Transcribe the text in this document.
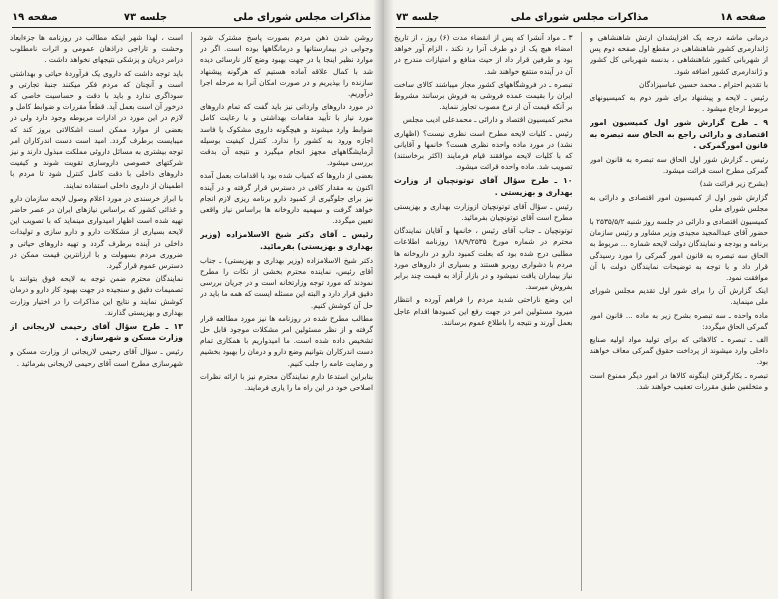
مذاکرات مجلس شورای ملی
جلسه ۷۳
صفحه ۱۹

روشن شدن ذهن مردم بصورت پاسخ مشترک شود وجوابی در بیمارستانها و درمانگاهها بوده است. اگر در موارد نظیر اینجا یا در جهت بهبود وضع کار نارسائی دیده شد با کمال علاقه آماده هستیم که هرگونه پیشنهاد سازنده را بپذیریم و در صورت امکان آنرا به مرحله اجرا درآوریم.

در مورد داروهای وارداتی نیز باید گفت که تمام داروهای مورد نیاز با تأیید مقامات بهداشتی و با رعایت کامل ضوابط وارد میشوند و هیچگونه داروی مشکوک یا فاسد اجازه ورود به کشور را ندارد. کنترل کیفیت بوسیله آزمایشگاههای مجهز انجام میگیرد و نتیجه آن بدقت بررسی میشود.

بعضی از داروها که کمیاب شده بود با اقدامات بعمل آمده اکنون به مقدار کافی در دسترس قرار گرفته و در آینده نیز برای جلوگیری از کمبود دارو برنامه ریزی لازم انجام خواهد گرفت و سهمیه داروخانه ها براساس نیاز واقعی تعیین میگردد.

رئیس ـ آقای دکتر شیخ الاسلامزاده (وزیر بهداری و بهزیستی) بفرمائید.

دکتر شیخ الاسلامزاده (وزیر بهداری و بهزیستی) ـ جناب آقای رئیس، نماینده محترم بخشی از نکات را مطرح نمودند که مورد توجه وزارتخانه است و در جریان بررسی دقیق قرار دارد و البته این مسئله ایست که همه ما باید در حل آن کوشش کنیم.

مطالب مطرح شده در روزنامه ها نیز مورد مطالعه قرار گرفته و از نظر مسئولین امر مشکلات موجود قابل حل تشخیص داده شده است. ما امیدواریم با همکاری تمام دست اندرکاران بتوانیم وضع دارو و درمان را بهبود بخشیم و رضایت عامه را جلب کنیم.

بنابراین استدعا دارم نمایندگان محترم نیز با ارائه نظرات اصلاحی خود در این راه ما را یاری فرمایند.

است ، لهذا شهر اینکه مطالب در روزنامه ها جزءابعاد وحشت و تاراجی دراذهان عمومی و اثرات نامطلوب درامر دریان و پزشکی نتیجهای نخواهد داشت .

باید توجه داشت که داروی یک فرآوردهٔ حیاتی و بهداشتی است و آنچنان که مردم فکر میکنند جنبهٔ تجارتی و سوداگری ندارد و باید با دقت و حساسیت خاصی که درخور آن است بعمل آید. قطعاً مقررات و ضوابط کامل و لازم در این مورد در ادارات مربوطه وجود دارد ولی در بعضی از موارد ممکن است اشکالاتی بروز کند که میبایست برطرف گردد. امید است دست اندرکاران امر توجه بیشتری به مسائل داروئی مملکت مبذول دارند و نیز شرکتهای خصوصی داروسازی تقویت شوند و کیفیت داروهای داخلی با دقت کامل کنترل شود تا مردم با اطمینان از داروی داخلی استفاده نمایند.

با ابراز خرسندی در مورد اعلام وصول لایحه سازمان دارو و غذائی کشور که براساس نیازهای ایران در عصر حاضر تهیه شده است اظهار امیدواری مینماید که با تصویب این لایحه بسیاری از مشکلات دارو و دارو سازی و تولیدات داخلی در آینده برطرف گردد و تهیه داروهای حیاتی و ضروری مردم بسهولت و با ارزانترین قیمت ممکن در دسترس عموم قرار گیرد.

نمایندگان محترم ضمن توجه به لایحه فوق بتوانند با تصمیمات دقیق و سنجیده در جهت بهبود کار دارو و درمان کوشش نمایند و نتایج این مذاکرات را در اختیار وزارت بهداری و بهزیستی گذارند.

۱۳ ـ طرح سؤال آقای رحیمی لاریجانی از وزارت مسکن و شهرسازی .

رئیس ـ سؤال آقای رحیمی لاریجانی از وزارت مسکن و شهرسازی مطرح است آقای رحیمی لاریجانی بفرمائید .

صفحه ۱۸
مذاکرات مجلس شورای ملی
جلسه ۷۳

درمانی ماشه درجه یک افزایشدان ارتش شاهنشاهی و ژاندارمری کشور شاهنشاهی در مقطع اول صفحه دوم پس از شهربانی کشور شاهنشاهی ، بدنسه شهربانی کل کشور و ژاندارمری کشور اضافه شود.

با تقدیم احترام ـ محمد حسین عباسیزادگان

رئیس ـ لایحه و پیشنهاد برای شور دوم به کمیسیونهای مربوط ارجاع میشود .

۹ ـ طرح گزارش شور اول کمیسیون امور اقتصادی و دارائی راجع به الحاق سه تبصره به قانون امورگمرکی .

رئیس ـ گزارش شور اول الحاق سه تبصره به قانون امور گمرکی مطرح است قرائت میشود.

(بشرح زیر قرائت شد)

گزارش شور اول از کمیسیون امور اقتصادی و دارائی به مجلس شورای ملی

کمیسیون اقتصادی و دارائی در جلسه روز شنبه ۲۵۳۵/۵/۲ با حضور آقای عبدالمجید مجیدی وزیر مشاور و رئیس سازمان برنامه و بودجه و نمایندگان دولت لایحه شماره ... مربوط به الحاق سه تبصره به قانون امور گمرکی را مورد رسیدگی قرار داد و با توجه به توضیحات نمایندگان دولت با آن موافقت نمود.

اینک گزارش آن را برای شور اول تقدیم مجلس شورای ملی مینماید.

ماده واحده ـ سه تبصره بشرح زیر به ماده ... قانون امور گمرکی الحاق میگردد:

الف ـ تبصره ـ کالاهائی که برای تولید مواد اولیه صنایع داخلی وارد میشوند از پرداخت حقوق گمرکی معاف خواهند بود.

تبصره ـ بکارگرفتن اینگونه کالاها در امور دیگر ممنوع است و متخلفین طبق مقررات تعقیب خواهند شد.

۳ ـ مواد آنشرا که پس از انقضاء مدت (۶) روز ، از تاریخ امضاء هیچ یک از دو طرف آنرا رد نکند ، الزام آور خواهد بود و طرفین قرار داد از حیث منافع و امتیازات مندرج در آن در آینده منتفع خواهند شد.

تبصره ـ در فروشگاههای کشور مجاز میباشند کالای ساخت ایران را بقیمت عمده فروشی به فروش برسانند مشروط بر آنکه قیمت آن از نرخ مصوب تجاوز ننماید.

مخبر کمیسیون اقتصاد و دارائی ـ محمدعلی ادیب مجلس

رئیس ـ کلیات لایحه مطرح است نظری نیست؟ (اظهاری نشد) در مورد ماده واحده نظری هست؟ خانمها و آقایانی که با کلیات لایحه موافقند قیام فرمایند (اکثر برخاستند) تصویب شد. ماده واحده قرائت میشود.

۱۰ ـ طرح سؤال آقای توتونچیان از وزارت بهداری و بهزیستی .

رئیس ـ سؤال آقای توتونچیان ازوزارت بهداری و بهزیستی مطرح است آقای توتونچیان بفرمائید.

توتونچیان ـ جناب آقای رئیس ، خانمها و آقایان نمایندگان محترم در شماره مورخ ۱۸/۹/۲۵۳۵ روزنامه اطلاعات مطلبی درج شده بود که بعلت کمبود دارو در داروخانه ها مردم با دشواری روبرو هستند و بسیاری از داروهای مورد نیاز بیماران یافت نمیشود و در بازار آزاد به قیمت چند برابر بفروش میرسد.

این وضع ناراحتی شدید مردم را فراهم آورده و انتظار میرود مسئولین امر در جهت رفع این کمبودها اقدام عاجل بعمل آورند و نتیجه را باطلاع عموم برسانند.
